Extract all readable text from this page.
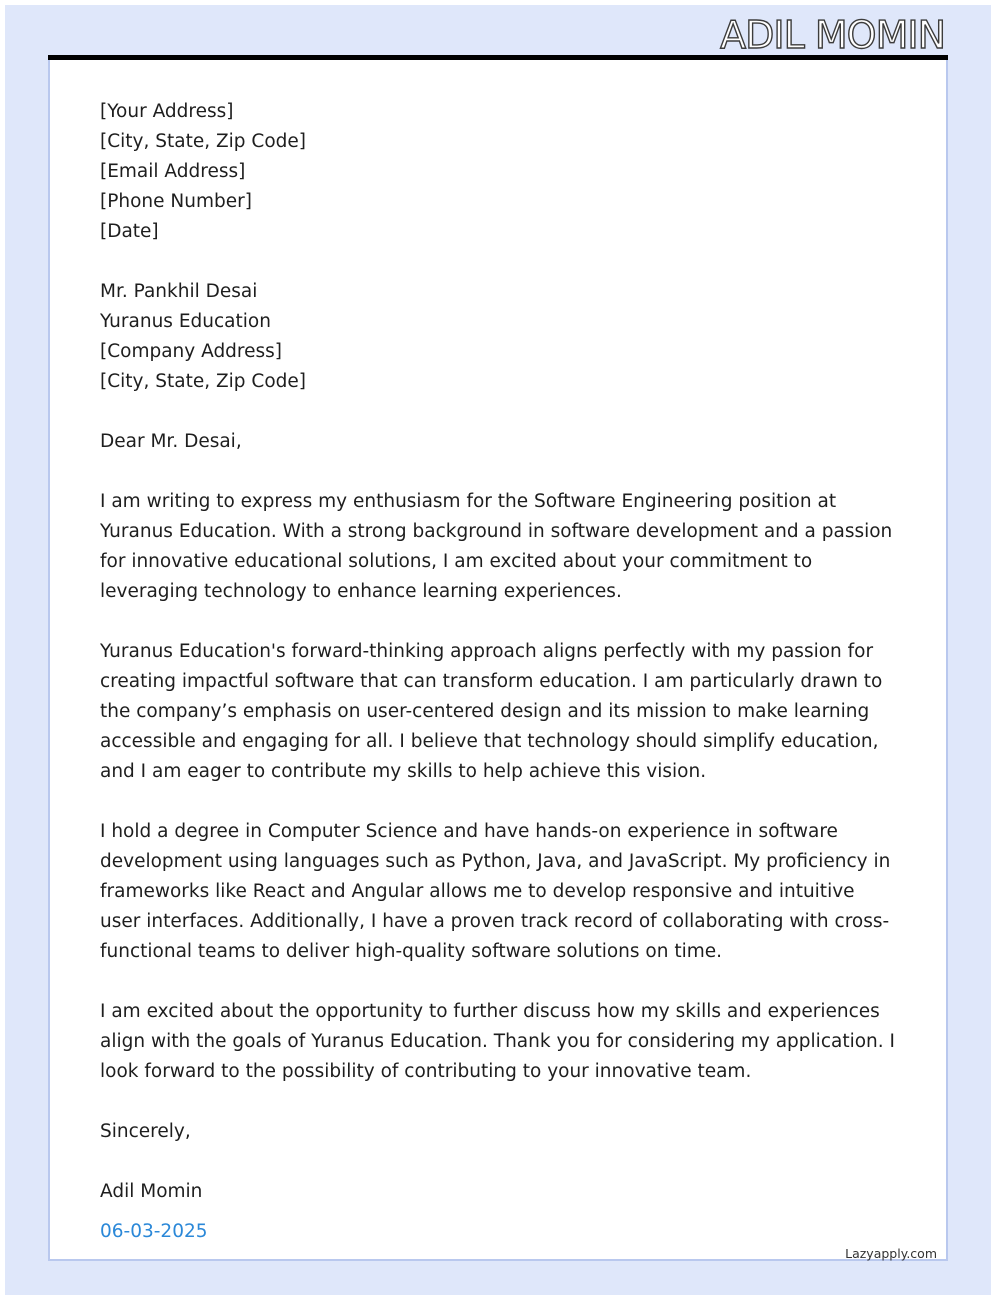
ADIL MOMIN
[Your Address]
[City, State, Zip Code]
[Email Address]
[Phone Number]
[Date]
Mr. Pankhil Desai
Yuranus Education
[Company Address]
[City, State, Zip Code]

Dear Mr. Desai,

I am writing to express my enthusiasm for the Software Engineering position at Yuranus Education. With a strong background in software development and a passion for innovative educational solutions, I am excited about your commitment to leveraging technology to enhance learning experiences.

Yuranus Education's forward-thinking approach aligns perfectly with my passion for creating impactful software that can transform education. I am particularly drawn to the company’s emphasis on user-centered design and its mission to make learning accessible and engaging for all. I believe that technology should simplify education, and I am eager to contribute my skills to help achieve this vision.

I hold a degree in Computer Science and have hands-on experience in software development using languages such as Python, Java, and JavaScript. My proficiency in frameworks like React and Angular allows me to develop responsive and intuitive user interfaces. Additionally, I have a proven track record of collaborating with cross-functional teams to deliver high-quality software solutions on time.

I am excited about the opportunity to further discuss how my skills and experiences align with the goals of Yuranus Education. Thank you for considering my application. I look forward to the possibility of contributing to your innovative team.

Sincerely,

Adil Momin
06-03-2025
Lazyapply.com
